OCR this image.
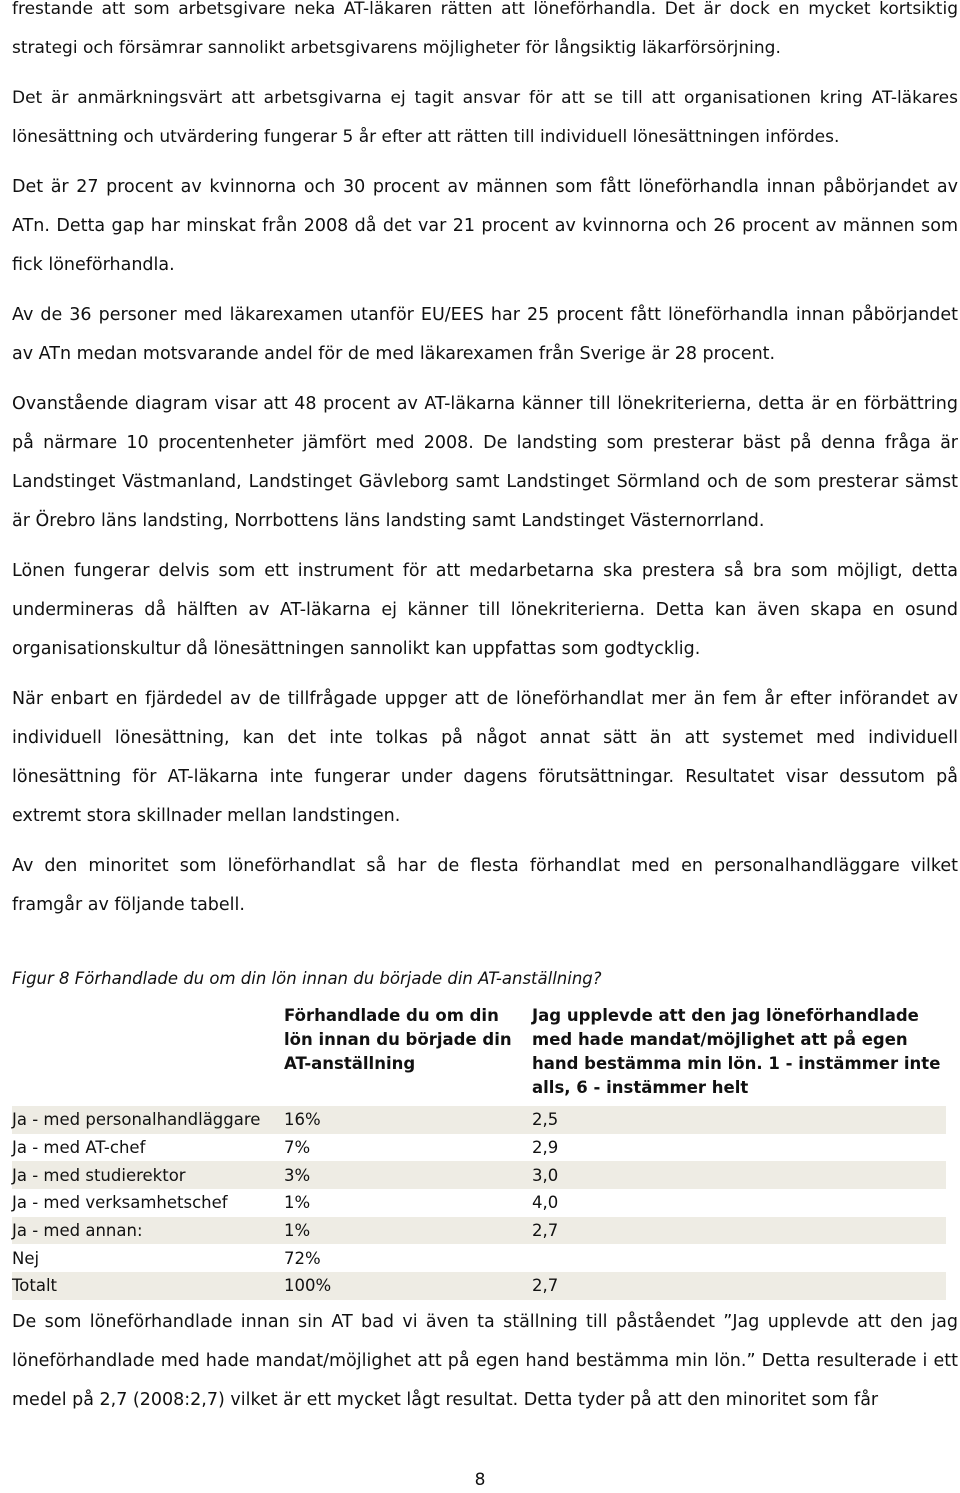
frestande att som arbetsgivare neka AT-läkaren rätten att löneförhandla. Det är dock en mycket kortsiktig strategi och försämrar sannolikt arbetsgivarens möjligheter för långsiktig läkarförsörjning.

Det är anmärkningsvärt att arbetsgivarna ej tagit ansvar för att se till att organisationen kring AT-läkares lönesättning och utvärdering fungerar 5 år efter att rätten till individuell lönesättningen infördes.

Det är 27 procent av kvinnorna och 30 procent av männen som fått löneförhandla innan påbörjandet av ATn. Detta gap har minskat från 2008 då det var 21 procent av kvinnorna och 26 procent av männen som fick löneförhandla.

Av de 36 personer med läkarexamen utanför EU/EES har 25 procent fått löneförhandla innan påbörjandet av ATn medan motsvarande andel för de med läkarexamen från Sverige är 28 procent.

Ovanstående diagram visar att 48 procent av AT-läkarna känner till lönekriterierna, detta är en förbättring på närmare 10 procentenheter jämfört med 2008. De landsting som presterar bäst på denna fråga är Landstinget Västmanland, Landstinget Gävleborg samt Landstinget Sörmland och de som presterar sämst är Örebro läns landsting, Norrbottens läns landsting samt Landstinget Västernorrland.

Lönen fungerar delvis som ett instrument för att medarbetarna ska prestera så bra som möjligt, detta undermineras då hälften av AT-läkarna ej känner till lönekriterierna. Detta kan även skapa en osund organisationskultur då lönesättningen sannolikt kan uppfattas som godtycklig.

När enbart en fjärdedel av de tillfrågade uppger att de löneförhandlat mer än fem år efter införandet av individuell lönesättning, kan det inte tolkas på något annat sätt än att systemet med individuell lönesättning för AT-läkarna inte fungerar under dagens förutsättningar. Resultatet visar dessutom på extremt stora skillnader mellan landstingen.

Av den minoritet som löneförhandlat så har de flesta förhandlat med en personalhandläggare vilket framgår av följande tabell.

Figur 8 Förhandlade du om din lön innan du började din AT-anställning?

	Förhandlade du om din lön innan du började din AT-anställning	Jag upplevde att den jag löneförhandlade med hade mandat/möjlighet att på egen hand bestämma min lön. 1 - instämmer inte alls, 6 - instämmer helt
Ja - med personalhandläggare	16%	2,5
Ja - med AT-chef	7%	2,9
Ja - med studierektor	3%	3,0
Ja - med verksamhetschef	1%	4,0
Ja - med annan:	1%	2,7
Nej	72%	
Totalt	100%	2,7

De som löneförhandlade innan sin AT bad vi även ta ställning till påståendet ”Jag upplevde att den jag löneförhandlade med hade mandat/möjlighet att på egen hand bestämma min lön.” Detta resulterade i ett medel på 2,7 (2008:2,7) vilket är ett mycket lågt resultat. Detta tyder på att den minoritet som får

8
